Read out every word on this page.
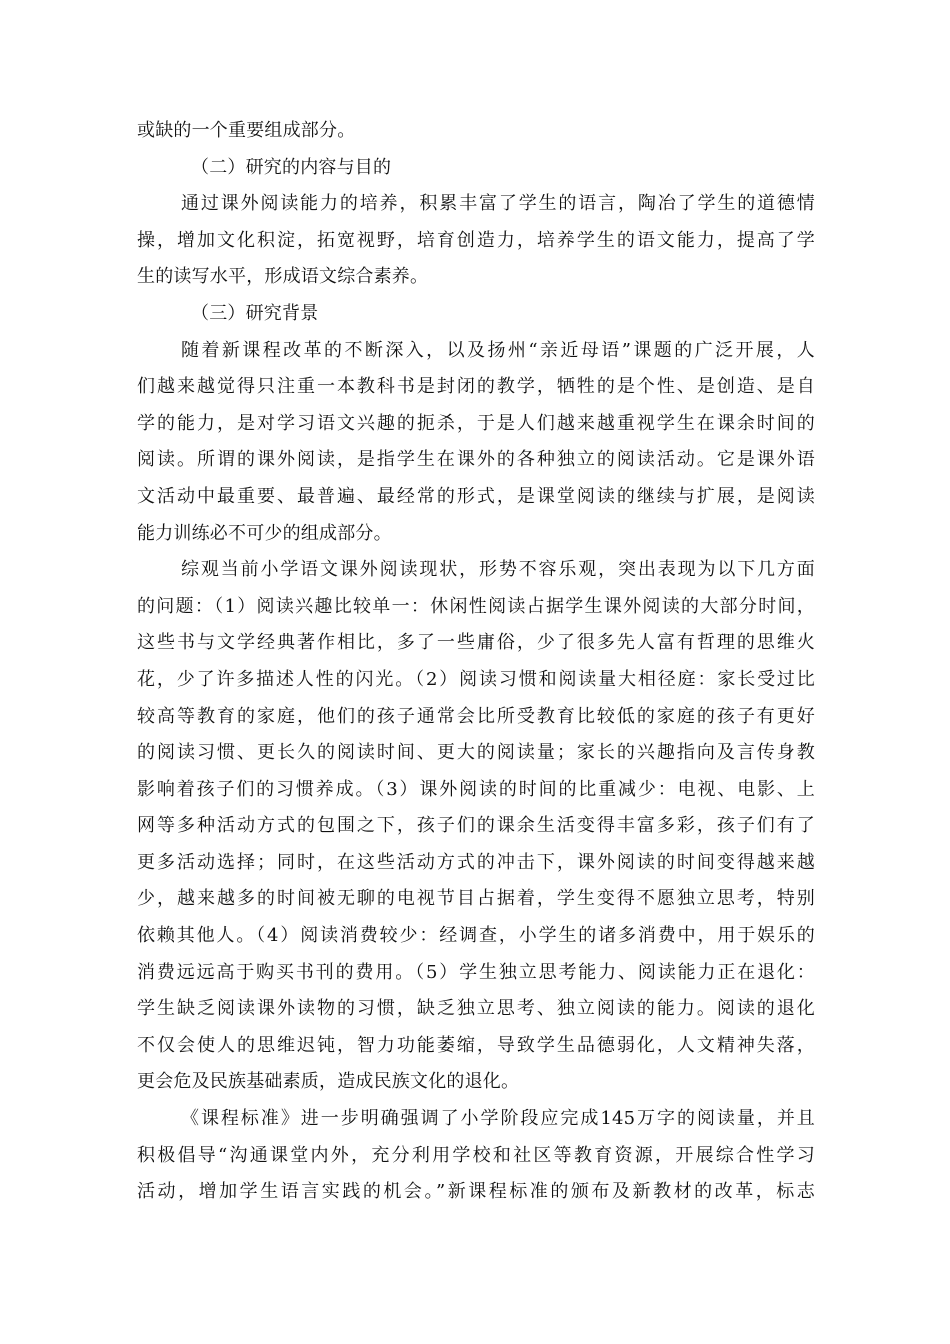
或缺的一个重要组成部分。
（二）研究的内容与目的
通过课外阅读能力的培养，积累丰富了学生的语言，陶冶了学生的道德情
操，增加文化积淀，拓宽视野，培育创造力，培养学生的语文能力，提高了学
生的读写水平，形成语文综合素养。
（三）研究背景
随着新课程改革的不断深入，以及扬州“亲近母语”课题的广泛开展，人
们越来越觉得只注重一本教科书是封闭的教学，牺牲的是个性、是创造、是自
学的能力，是对学习语文兴趣的扼杀，于是人们越来越重视学生在课余时间的
阅读。所谓的课外阅读，是指学生在课外的各种独立的阅读活动。它是课外语
文活动中最重要、最普遍、最经常的形式，是课堂阅读的继续与扩展，是阅读
能力训练必不可少的组成部分。
综观当前小学语文课外阅读现状，形势不容乐观，突出表现为以下几方面
的问题：（1）阅读兴趣比较单一：休闲性阅读占据学生课外阅读的大部分时间，
这些书与文学经典著作相比，多了一些庸俗，少了很多先人富有哲理的思维火
花，少了许多描述人性的闪光。（2）阅读习惯和阅读量大相径庭：家长受过比
较高等教育的家庭，他们的孩子通常会比所受教育比较低的家庭的孩子有更好
的阅读习惯、更长久的阅读时间、更大的阅读量；家长的兴趣指向及言传身教
影响着孩子们的习惯养成。（3）课外阅读的时间的比重减少：电视、电影、上
网等多种活动方式的包围之下，孩子们的课余生活变得丰富多彩，孩子们有了
更多活动选择；同时，在这些活动方式的冲击下，课外阅读的时间变得越来越
少，越来越多的时间被无聊的电视节目占据着，学生变得不愿独立思考，特别
依赖其他人。（4）阅读消费较少：经调查，小学生的诸多消费中，用于娱乐的
消费远远高于购买书刊的费用。（5）学生独立思考能力、阅读能力正在退化：
学生缺乏阅读课外读物的习惯，缺乏独立思考、独立阅读的能力。阅读的退化
不仅会使人的思维迟钝，智力功能萎缩，导致学生品德弱化，人文精神失落，
更会危及民族基础素质，造成民族文化的退化。
《课程标准》进一步明确强调了小学阶段应完成145万字的阅读量，并且
积极倡导“沟通课堂内外，充分利用学校和社区等教育资源，开展综合性学习
活动，增加学生语言实践的机会。”新课程标准的颁布及新教材的改革，标志
